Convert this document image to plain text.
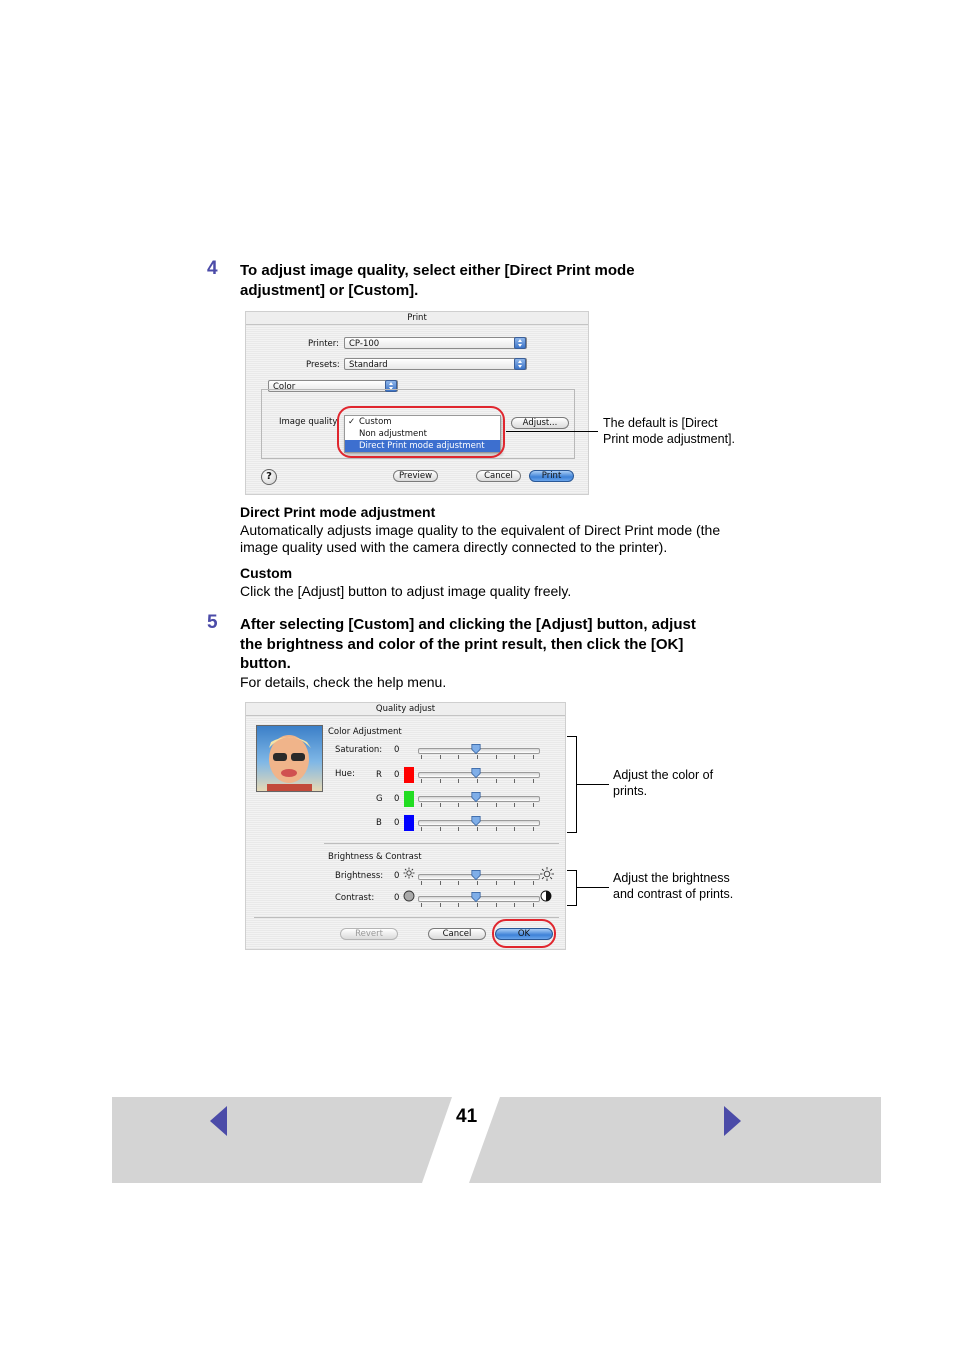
4 To adjust image quality, select either [Direct Print mode
adjustment] or [Custom].
Print
Printer:	CP-100
Presets:	Standard
Color
Image quality: ✓ Custom
Non adjustment
Direct Print mode adjustment
Adjust...
?	Preview	Cancel	Print
The default is [Direct
Print mode adjustment].
Direct Print mode adjustment
Automatically adjusts image quality to the equivalent of Direct Print mode (the
image quality used with the camera directly connected to the printer).
Custom
Click the [Adjust] button to adjust image quality freely.
5 After selecting [Custom] and clicking the [Adjust] button, adjust
the brightness and color of the print result, then click the [OK]
button.
For details, check the help menu.
Quality adjust
Color Adjustment
Saturation: 0
Hue: R 0
G 0
B 0
Brightness & Contrast
Brightness: 0
Contrast: 0
Revert	Cancel	OK
Adjust the color of
prints.
Adjust the brightness
and contrast of prints.
41
